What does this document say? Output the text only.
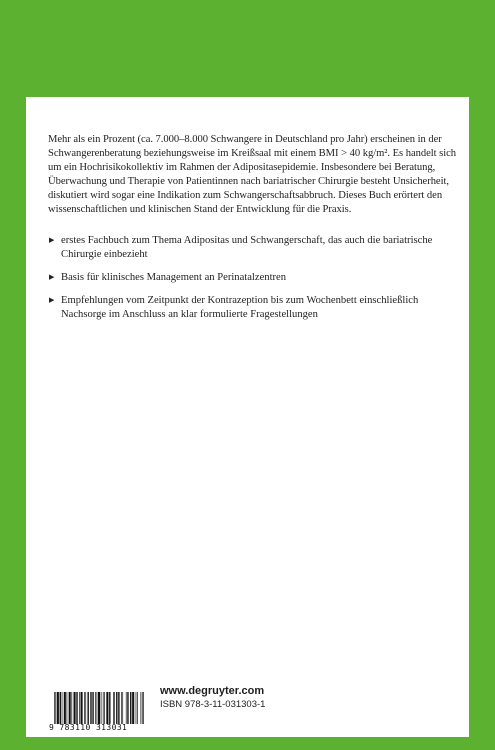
Mehr als ein Prozent (ca. 7.000–8.000 Schwangere in Deutschland pro Jahr) erscheinen in der Schwangerenberatung beziehungsweise im Kreißsaal mit einem BMI > 40 kg/m². Es handelt sich um ein Hochrisikokollektiv im Rahmen der Adipositasepidemie. Insbesondere bei Beratung, Überwachung und Therapie von Patientinnen nach bariatrischer Chirurgie besteht Unsicherheit, diskutiert wird sogar eine Indikation zum Schwangerschaftsabbruch. Dieses Buch erörtert den wissenschaftlichen und klinischen Stand der Entwicklung für die Praxis.

▶ erstes Fachbuch zum Thema Adipositas und Schwangerschaft, das auch die bariatrische Chirurgie einbezieht
▶ Basis für klinisches Management an Perinatalzentren
▶ Empfehlungen vom Zeitpunkt der Kontrazeption bis zum Wochenbett einschließlich Nachsorge im Anschluss an klar formulierte Fragestellungen
9 783110 313031
www.degruyter.com
ISBN 978-3-11-031303-1
